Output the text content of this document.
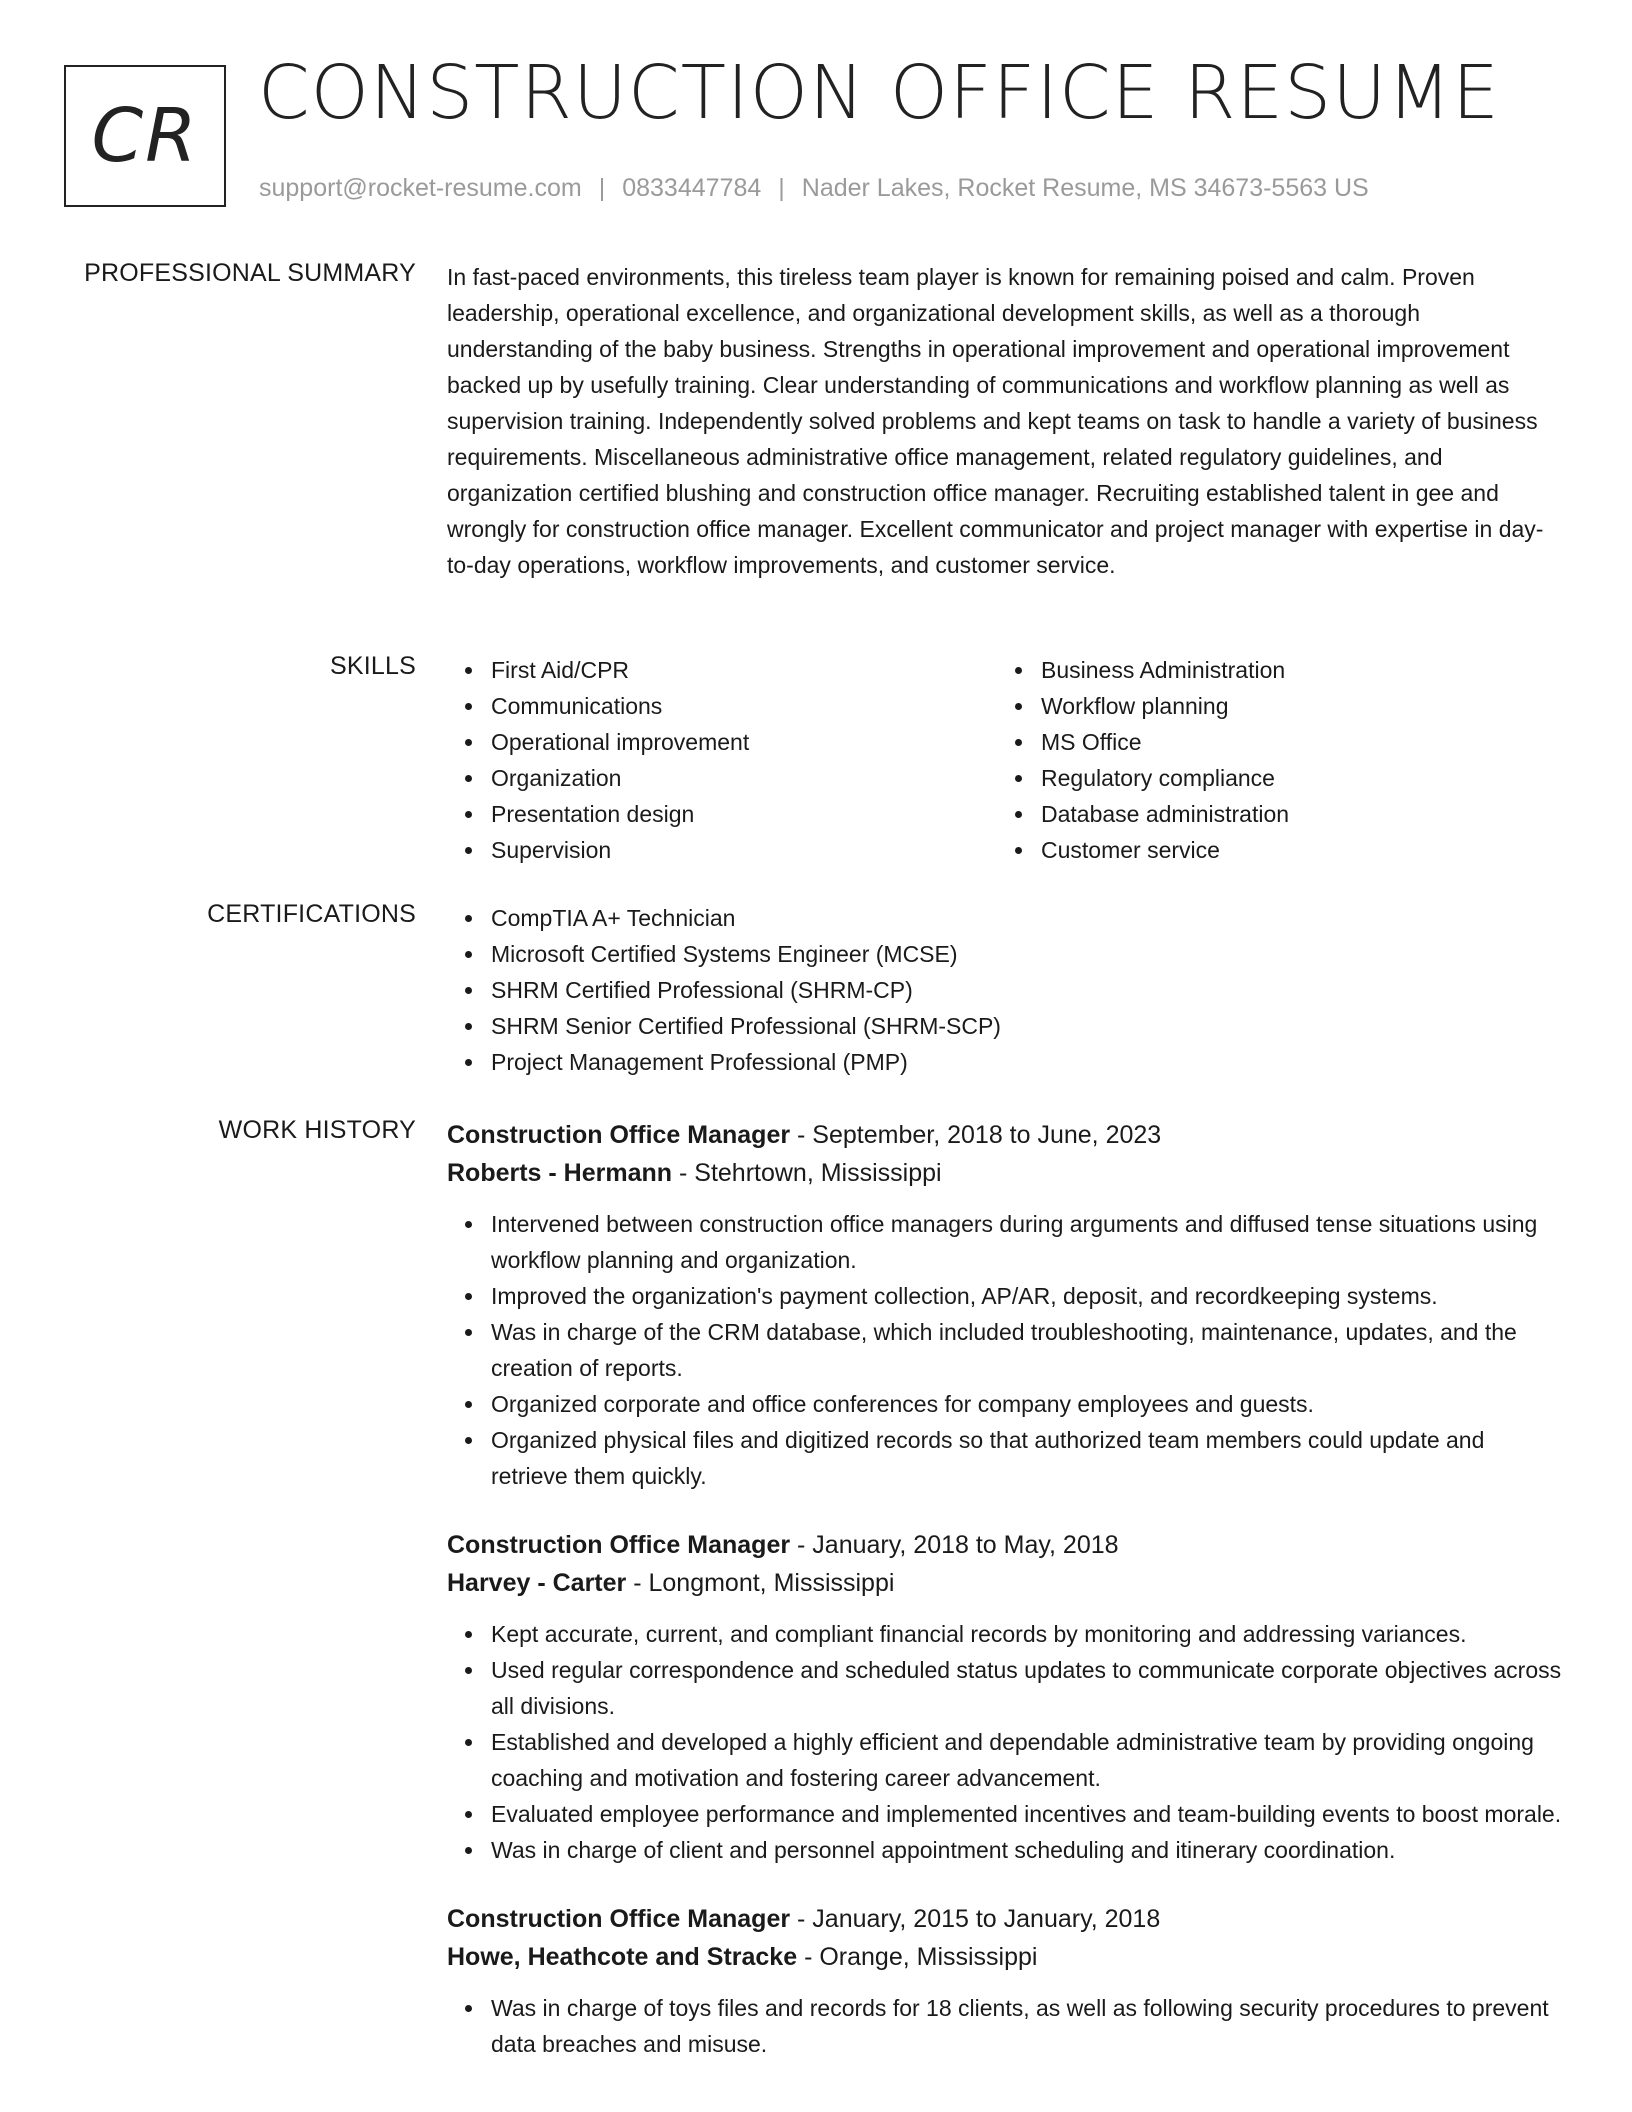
CR CONSTRUCTION OFFICE RESUME
support@rocket-resume.com | 0833447784 | Nader Lakes, Rocket Resume, MS 34673-5563 US
PROFESSIONAL SUMMARY In fast-paced environments, this tireless team player is known for remaining poised and calm. Proven leadership, operational excellence, and organizational development skills, as well as a thorough understanding of the baby business. Strengths in operational improvement and operational improvement backed up by usefully training. Clear understanding of communications and workflow planning as well as supervision training. Independently solved problems and kept teams on task to handle a variety of business requirements. Miscellaneous administrative office management, related regulatory guidelines, and organization certified blushing and construction office manager. Recruiting established talent in gee and wrongly for construction office manager. Excellent communicator and project manager with expertise in day-to-day operations, workflow improvements, and customer service.

SKILLS	First Aid/CPR
Communications
Operational improvement
Organization
Presentation design
Supervision
Business Administration
Workflow planning
MS Office
Regulatory compliance
Database administration
Customer service
CERTIFICATIONS	CompTIA A+ Technician
Microsoft Certified Systems Engineer (MCSE)
SHRM Certified Professional (SHRM-CP)
SHRM Senior Certified Professional (SHRM-SCP)
Project Management Professional (PMP)
WORK HISTORY Construction Office Manager - September, 2018 to June, 2023
Roberts - Hermann - Stehrtown, Mississippi
Intervened between construction office managers during arguments and diffused tense situations using workflow planning and organization.
Improved the organization's payment collection, AP/AR, deposit, and recordkeeping systems.
Was in charge of the CRM database, which included troubleshooting, maintenance, updates, and the creation of reports.
Organized corporate and office conferences for company employees and guests.
Organized physical files and digitized records so that authorized team members could update and retrieve them quickly.
Construction Office Manager - January, 2018 to May, 2018
Harvey - Carter - Longmont, Mississippi
Kept accurate, current, and compliant financial records by monitoring and addressing variances.
Used regular correspondence and scheduled status updates to communicate corporate objectives across all divisions.
Established and developed a highly efficient and dependable administrative team by providing ongoing coaching and motivation and fostering career advancement.
Evaluated employee performance and implemented incentives and team-building events to boost morale.
Was in charge of client and personnel appointment scheduling and itinerary coordination.
Construction Office Manager - January, 2015 to January, 2018
Howe, Heathcote and Stracke - Orange, Mississippi
Was in charge of toys files and records for 18 clients, as well as following security procedures to prevent data breaches and misuse.
